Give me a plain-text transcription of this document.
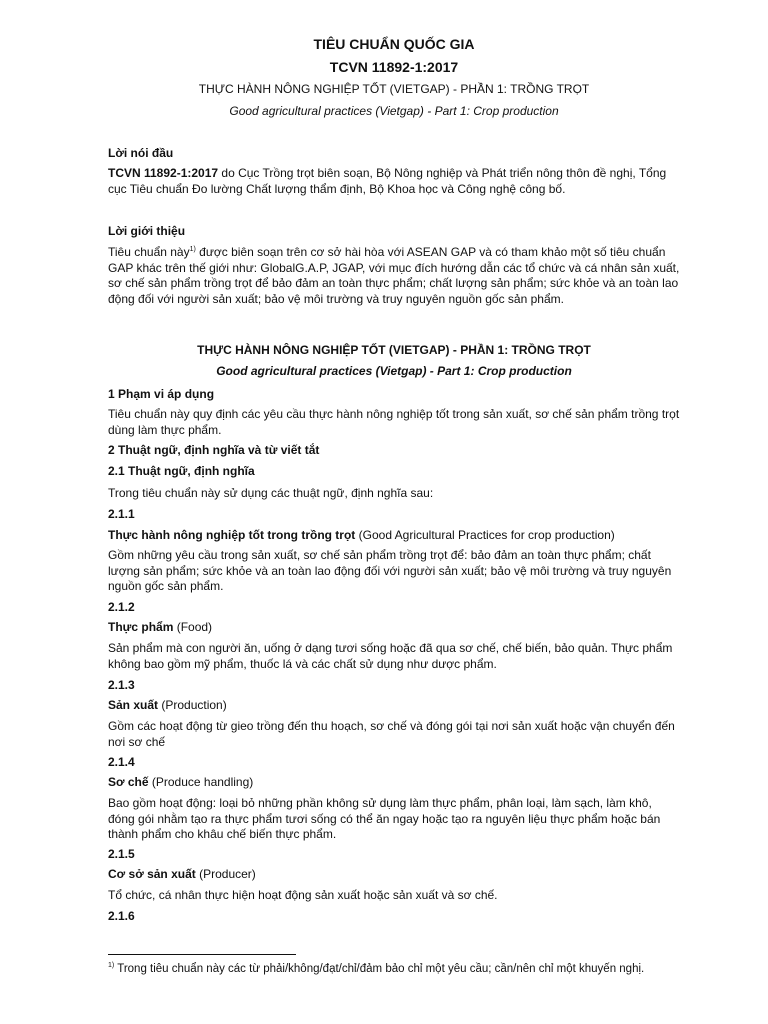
TIÊU CHUẨN QUỐC GIA
TCVN 11892-1:2017
THỰC HÀNH NÔNG NGHIỆP TỐT (VIETGAP) - PHẦN 1: TRỒNG TRỌT
Good agricultural practices (Vietgap) - Part 1: Crop production
Lời nói đầu
TCVN 11892-1:2017 do Cục Trồng trọt biên soạn, Bộ Nông nghiệp và Phát triển nông thôn đề nghị, Tổng cục Tiêu chuẩn Đo lường Chất lượng thẩm định, Bộ Khoa học và Công nghệ công bố.
Lời giới thiệu
Tiêu chuẩn này$^{1)}$ được biên soạn trên cơ sở hài hòa với ASEAN GAP và có tham khảo một số tiêu chuẩn GAP khác trên thế giới như: GlobalG.A.P, JGAP, với mục đích hướng dẫn các tổ chức và cá nhân sản xuất, sơ chế sản phẩm trồng trọt để bảo đảm an toàn thực phẩm; chất lượng sản phẩm; sức khỏe và an toàn lao động đối với người sản xuất; bảo vệ môi trường và truy nguyên nguồn gốc sản phẩm.
THỰC HÀNH NÔNG NGHIỆP TỐT (VIETGAP) - PHẦN 1: TRỒNG TRỌT
Good agricultural practices (Vietgap) - Part 1: Crop production
1 Phạm vi áp dụng
Tiêu chuẩn này quy định các yêu cầu thực hành nông nghiệp tốt trong sản xuất, sơ chế sản phẩm trồng trọt dùng làm thực phẩm.
2 Thuật ngữ, định nghĩa và từ viết tắt
2.1 Thuật ngữ, định nghĩa
Trong tiêu chuẩn này sử dụng các thuật ngữ, định nghĩa sau:
2.1.1
Thực hành nông nghiệp tốt trong trồng trọt (Good Agricultural Practices for crop production)
Gồm những yêu cầu trong sản xuất, sơ chế sản phẩm trồng trọt để: bảo đảm an toàn thực phẩm; chất lượng sản phẩm; sức khỏe và an toàn lao động đối với người sản xuất; bảo vệ môi trường và truy nguyên nguồn gốc sản phẩm.
2.1.2
Thực phẩm (Food)
Sản phẩm mà con người ăn, uống ở dạng tươi sống hoặc đã qua sơ chế, chế biến, bảo quản. Thực phẩm không bao gồm mỹ phẩm, thuốc lá và các chất sử dụng như dược phẩm.
2.1.3
Sản xuất (Production)
Gồm các hoạt động từ gieo trồng đến thu hoạch, sơ chế và đóng gói tại nơi sản xuất hoặc vận chuyển đến nơi sơ chế
2.1.4
Sơ chế (Produce handling)
Bao gồm hoạt động: loại bỏ những phần không sử dụng làm thực phẩm, phân loại, làm sạch, làm khô, đóng gói nhằm tạo ra thực phẩm tươi sống có thể ăn ngay hoặc tạo ra nguyên liệu thực phẩm hoặc bán thành phẩm cho khâu chế biến thực phẩm.
2.1.5
Cơ sở sản xuất (Producer)
Tổ chức, cá nhân thực hiện hoạt động sản xuất hoặc sản xuất và sơ chế.
2.1.6
$^{1)}$ Trong tiêu chuẩn này các từ phải/không/đạt/chỉ/đảm bảo chỉ một yêu cầu; cần/nên chỉ một khuyến nghị.
